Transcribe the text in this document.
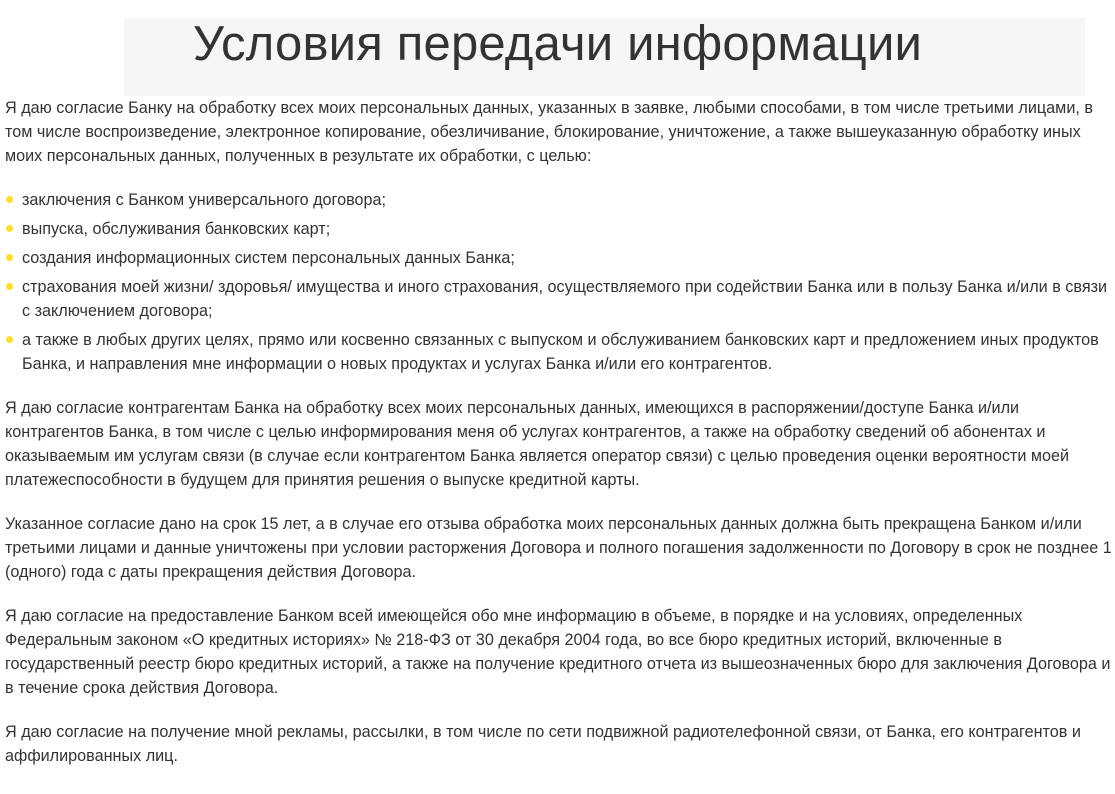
Условия передачи информации

Я даю согласие Банку на обработку всех моих персональных данных, указанных в заявке, любыми способами, в том числе третьими лицами, в том числе воспроизведение, электронное копирование, обезличивание, блокирование, уничтожение, а также вышеуказанную обработку иных моих персональных данных, полученных в результате их обработки, с целью:

заключения с Банком универсального договора;
выпуска, обслуживания банковских карт;
создания информационных систем персональных данных Банка;
страхования моей жизни/ здоровья/ имущества и иного страхования, осуществляемого при содействии Банка или в пользу Банка и/или в связи с заключением договора;
а также в любых других целях, прямо или косвенно связанных с выпуском и обслуживанием банковских карт и предложением иных продуктов Банка, и направления мне информации о новых продуктах и услугах Банка и/или его контрагентов.

Я даю согласие контрагентам Банка на обработку всех моих персональных данных, имеющихся в распоряжении/доступе Банка и/или контрагентов Банка, в том числе с целью информирования меня об услугах контрагентов, а также на обработку сведений об абонентах и оказываемым им услугам связи (в случае если контрагентом Банка является оператор связи) с целью проведения оценки вероятности моей платежеспособности в будущем для принятия решения о выпуске кредитной карты.

Указанное согласие дано на срок 15 лет, а в случае его отзыва обработка моих персональных данных должна быть прекращена Банком и/или третьими лицами и данные уничтожены при условии расторжения Договора и полного погашения задолженности по Договору в срок не позднее 1 (одного) года с даты прекращения действия Договора.

Я даю согласие на предоставление Банком всей имеющейся обо мне информацию в объеме, в порядке и на условиях, определенных Федеральным законом «О кредитных историях» № 218-ФЗ от 30 декабря 2004 года, во все бюро кредитных историй, включенные в государственный реестр бюро кредитных историй, а также на получение кредитного отчета из вышеозначенных бюро для заключения Договора и в течение срока действия Договора.

Я даю согласие на получение мной рекламы, рассылки, в том числе по сети подвижной радиотелефонной связи, от Банка, его контрагентов и аффилированных лиц.
